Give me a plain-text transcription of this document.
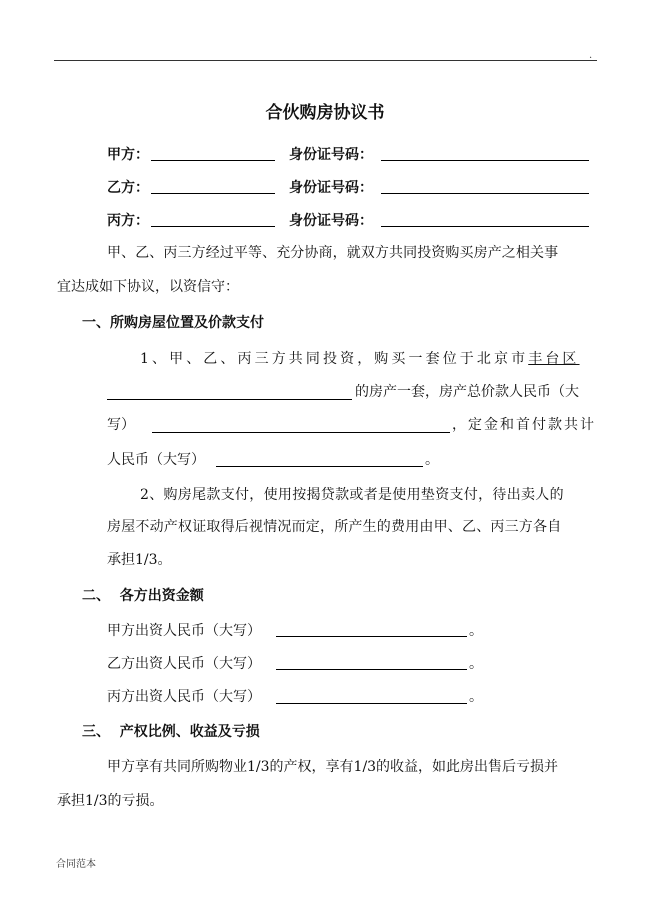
.
合伙购房协议书
甲方：	身份证号码：
乙方：	身份证号码：
丙方：	身份证号码：
甲、乙、丙三方经过平等、充分协商，就双方共同投资购买房产之相关事
宜达成如下协议，以资信守：
一、所购房屋位置及价款支付
1、甲、乙、丙三方共同投资，购买一套位于北京市丰台区
的房产一套，房产总价款人民币（大
写）	，定金和首付款共计
人民币（大写）	。
2、购房尾款支付，使用按揭贷款或者是使用垫资支付，待出卖人的
房屋不动产权证取得后视情况而定，所产生的费用由甲、乙、丙三方各自
承担1/3。
二、  各方出资金额
甲方出资人民币（大写）	。
乙方出资人民币（大写）	。
丙方出资人民币（大写）	。
三、  产权比例、收益及亏损
甲方享有共同所购物业1/3的产权，享有1/3的收益，如此房出售后亏损并
承担1/3的亏损。
合同范本
